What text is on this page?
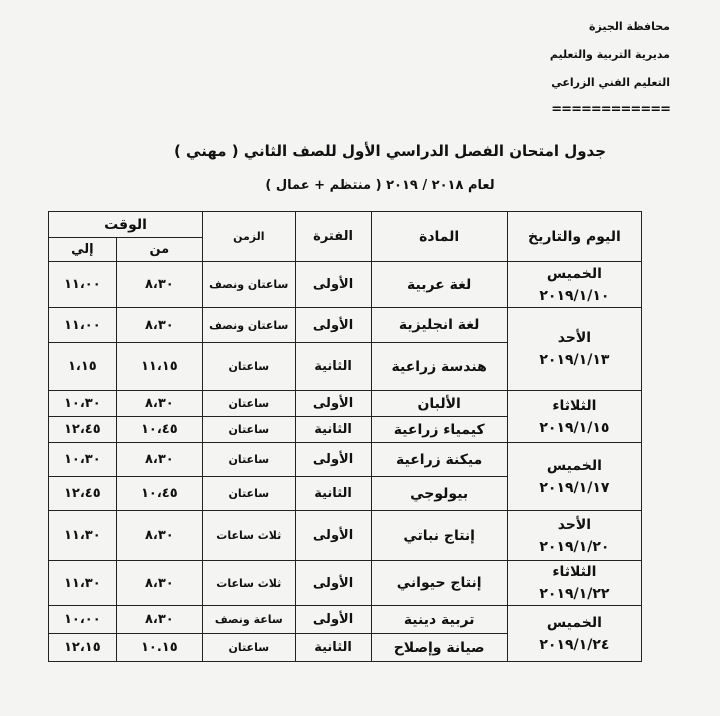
محافظة الجيزة
مديرية التربية والتعليم
التعليم الفني الزراعي
============
جدول امتحان الفصل الدراسي الأول للصف الثاني ( مهني )
لعام ٢٠١٨ / ٢٠١٩ ( منتظم + عمال )
اليوم والتاريخ	المادة	الفترة	الزمن	الوقت	
				من	إلي

الخميس
٢٠١٩/١/١٠	لغة عربية	الأولى	ساعتان ونصف	٨،٣٠	١١،٠٠

الأحد
٢٠١٩/١/١٣	لغة انجليزية	الأولى	ساعتان ونصف	٨،٣٠	١١،٠٠
	هندسة زراعية	الثانية	ساعتان	١١،١٥	١،١٥

الثلاثاء
٢٠١٩/١/١٥	الألبان	الأولى	ساعتان	٨،٣٠	١٠،٣٠
	كيمياء زراعية	الثانية	ساعتان	١٠،٤٥	١٢،٤٥

الخميس
٢٠١٩/١/١٧	ميكنة زراعية	الأولى	ساعتان	٨،٣٠	١٠،٣٠
	بيولوجي	الثانية	ساعتان	١٠،٤٥	١٢،٤٥

الأحد
٢٠١٩/١/٢٠	إنتاج نباتي	الأولى	ثلاث ساعات	٨،٣٠	١١،٣٠

الثلاثاء
٢٠١٩/١/٢٢	إنتاج حيواني	الأولى	ثلاث ساعات	٨،٣٠	١١،٣٠

الخميس
٢٠١٩/١/٢٤	تربية دينية	الأولى	ساعة ونصف	٨،٣٠	١٠،٠٠
	صيانة وإصلاح	الثانية	ساعتان	١٠.١٥	١٢،١٥
